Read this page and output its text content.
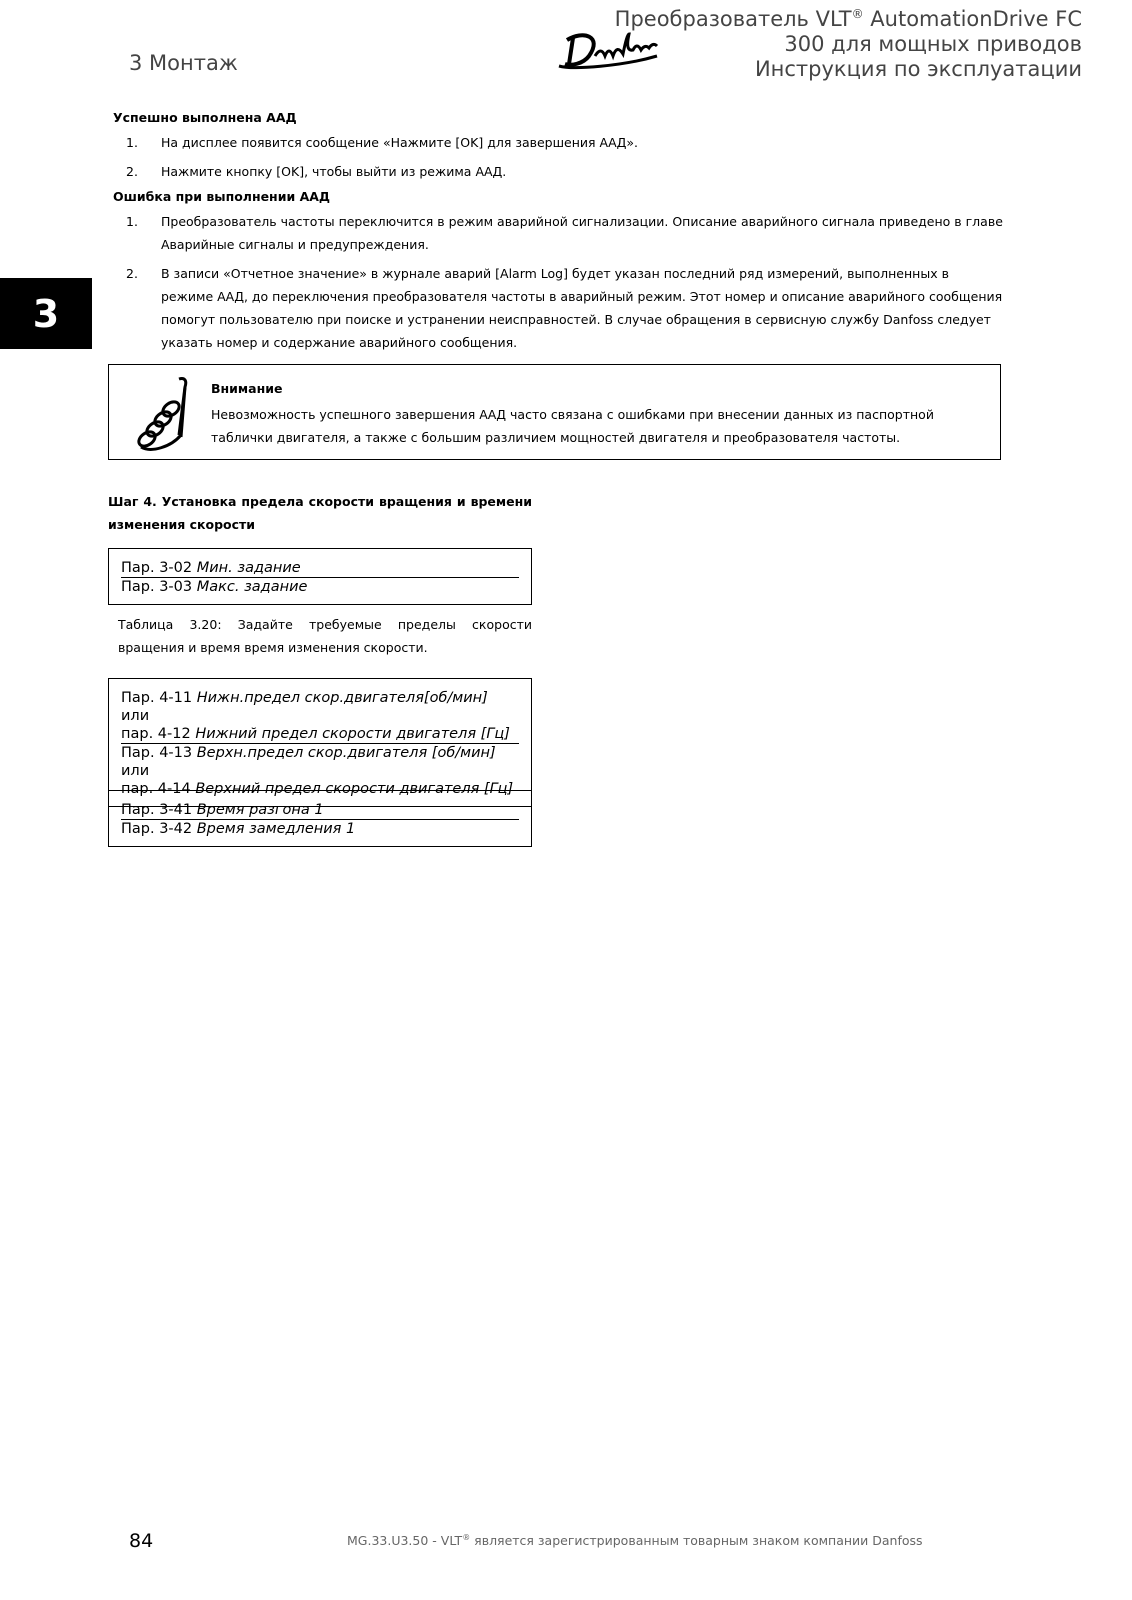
3 Монтаж
Преобразователь VLT® AutomationDrive FC
300 для мощных приводов
Инструкция по эксплуатации
3
Успешно выполнена ААД
1.	На дисплее появится сообщение «Нажмите [OK] для завершения ААД».
2.	Нажмите кнопку [OK], чтобы выйти из режима ААД.
Ошибка при выполнении ААД
1.	Преобразователь частоты переключится в режим аварийной сигнализации. Описание аварийного сигнала приведено в главе Аварийные сигналы и предупреждения.
2.	В записи «Отчетное значение» в журнале аварий [Alarm Log] будет указан последний ряд измерений, выполненных в режиме ААД, до переключения преобразователя частоты в аварийный режим. Этот номер и описание аварийного сообщения помогут пользователю при поиске и устранении неисправностей. В случае обращения в сервисную службу Danfoss следует указать номер и содержание аварийного сообщения.
Внимание
Невозможность успешного завершения ААД часто связана с ошибками при внесении данных из паспортной таблички двигателя, а также с большим различием мощностей двигателя и преобразователя частоты.
Шаг 4. Установка предела скорости вращения и времени изменения скорости
Пар. 3-02 Мин. задание
Пар. 3-03 Макс. задание
Таблица 3.20: Задайте требуемые пределы скорости вращения и время время изменения скорости.
Пар. 4-11 Нижн.предел скор.двигателя[об/мин] или
пар. 4-12 Нижний предел скорости двигателя [Гц]
Пар. 4-13 Верхн.предел скор.двигателя [об/мин] или
пар. 4-14 Верхний предел скорости двигателя [Гц]
Пар. 3-41 Время разгона 1
Пар. 3-42 Время замедления 1
84	MG.33.U3.50 - VLT® является зарегистрированным товарным знаком компании Danfoss
